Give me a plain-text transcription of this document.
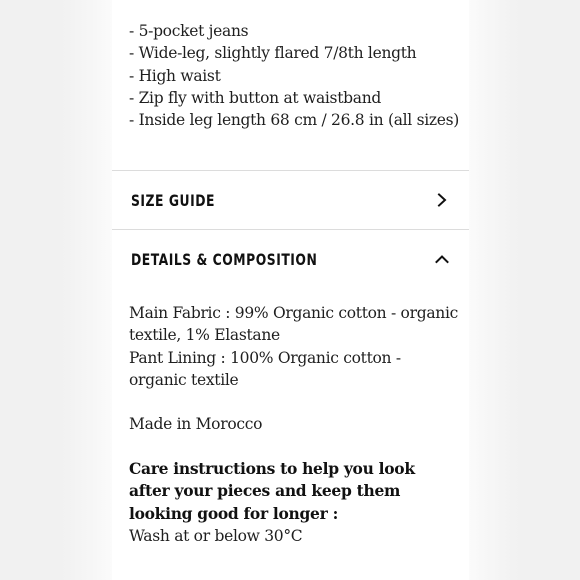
- 5-pocket jeans
- Wide-leg, slightly flared 7/8th length
- High waist
- Zip fly with button at waistband
- Inside leg length 68 cm / 26.8 in (all sizes)
SIZE GUIDE
DETAILS & COMPOSITION

Main Fabric : 99% Organic cotton - organic textile, 1% Elastane

Pant Lining : 100% Organic cotton - organic textile

Made in Morocco

Care instructions to help you look after your pieces and keep them looking good for longer :

Wash at or below 30°C
